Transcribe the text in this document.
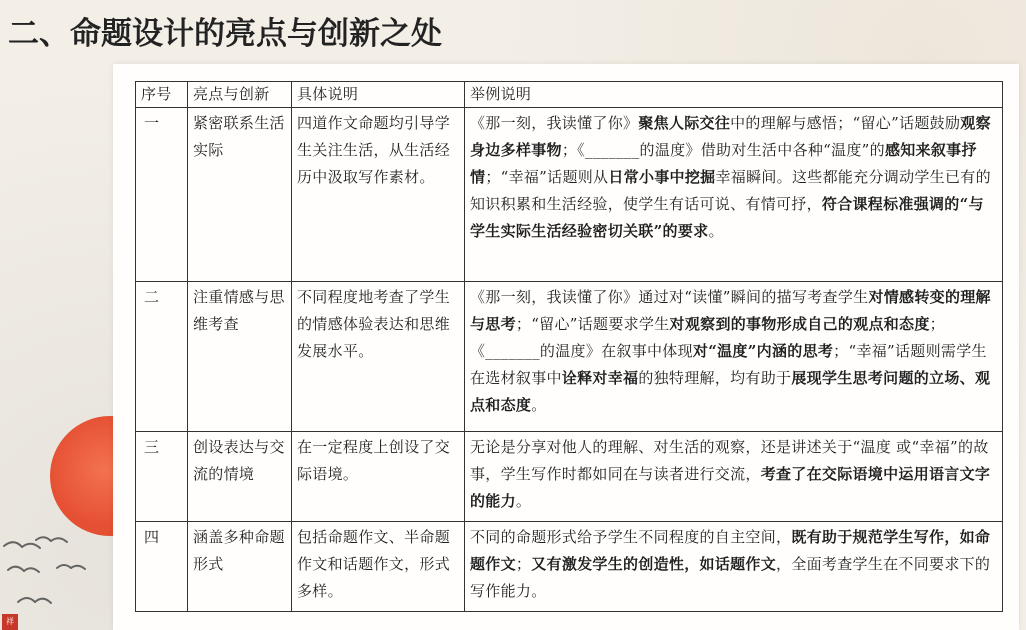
二、命题设计的亮点与创新之处
祥
序号	亮点与创新	具体说明	举例说明
一	紧密联系生活实际	四道作文命题均引导学生关注生活，从生活经历中汲取写作素材。	《那一刻，我读懂了你》聚焦人际交往中的理解与感悟；“留心”话题鼓励观察身边多样事物；《_______的温度》借助对生活中各种“温度”的感知来叙事抒情；“幸福”话题则从日常小事中挖掘幸福瞬间。这些都能充分调动学生已有的知识积累和生活经验，使学生有话可说、有情可抒，符合课程标准强调的“与学生实际生活经验密切关联”的要求。
二	注重情感与思维考查	不同程度地考查了学生的情感体验表达和思维发展水平。	《那一刻，我读懂了你》通过对“读懂”瞬间的描写考查学生对情感转变的理解与思考；“留心”话题要求学生对观察到的事物形成自己的观点和态度；《_______的温度》在叙事中体现对“温度”内涵的思考；“幸福”话题则需学生在选材叙事中诠释对幸福的独特理解，均有助于展现学生思考问题的立场、观点和态度。
三	创设表达与交流的情境	在一定程度上创设了交际语境。	无论是分享对他人的理解、对生活的观察，还是讲述关于“温度 或“幸福”的故事，学生写作时都如同在与读者进行交流，考查了在交际语境中运用语言文字的能力。
四	涵盖多种命题形式	包括命题作文、半命题作文和话题作文，形式多样。	不同的命题形式给予学生不同程度的自主空间，既有助于规范学生写作，如命题作文；又有激发学生的创造性，如话题作文，全面考查学生在不同要求下的写作能力。
